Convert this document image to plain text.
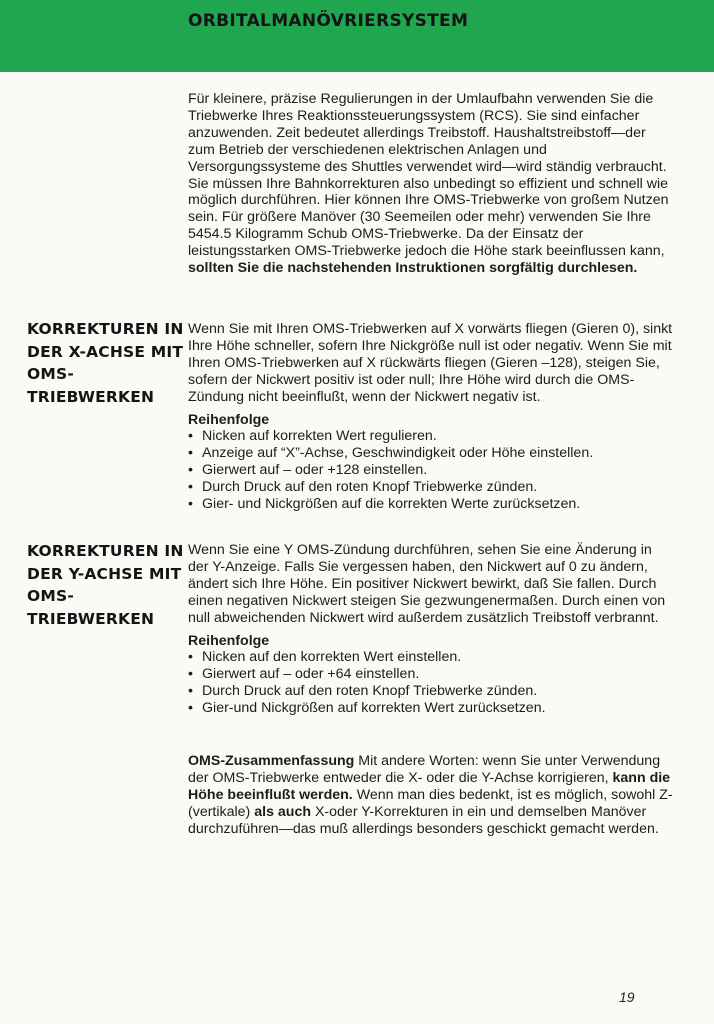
ORBITALMANÖVRIERSYSTEM
Für kleinere, präzise Regulierungen in der Umlaufbahn verwenden Sie die Triebwerke Ihres Reaktionssteuerungssystem (RCS). Sie sind einfacher anzuwenden. Zeit bedeutet allerdings Treibstoff. Haushaltstreibstoff—der zum Betrieb der verschiedenen elektrischen Anlagen und Versorgungssysteme des Shuttles verwendet wird—wird ständig verbraucht. Sie müssen Ihre Bahnkorrekturen also unbedingt so effizient und schnell wie möglich durchführen. Hier können Ihre OMS-Triebwerke von großem Nutzen sein. Für größere Manöver (30 Seemeilen oder mehr) verwenden Sie Ihre 5454.5 Kilogramm Schub OMS-Triebwerke. Da der Einsatz der leistungsstarken OMS-Triebwerke jedoch die Höhe stark beeinflussen kann, sollten Sie die nachstehenden Instruktionen sorgfältig durchlesen.
KORREKTUREN IN DER X-ACHSE MIT OMS-TRIEBWERKEN
Wenn Sie mit Ihren OMS-Triebwerken auf X vorwärts fliegen (Gieren 0), sinkt Ihre Höhe schneller, sofern Ihre Nickgröße null ist oder negativ. Wenn Sie mit Ihren OMS-Triebwerken auf X rückwärts fliegen (Gieren –128), steigen Sie, sofern der Nickwert positiv ist oder null; Ihre Höhe wird durch die OMS-Zündung nicht beeinflußt, wenn der Nickwert negativ ist.
Reihenfolge
• Nicken auf korrekten Wert regulieren.
• Anzeige auf “X”-Achse, Geschwindigkeit oder Höhe einstellen.
• Gierwert auf – oder +128 einstellen.
• Durch Druck auf den roten Knopf Triebwerke zünden.
• Gier- und Nickgrößen auf die korrekten Werte zurücksetzen.
KORREKTUREN IN DER Y-ACHSE MIT OMS-TRIEBWERKEN
Wenn Sie eine Y OMS-Zündung durchführen, sehen Sie eine Änderung in der Y-Anzeige. Falls Sie vergessen haben, den Nickwert auf 0 zu ändern, ändert sich Ihre Höhe. Ein positiver Nickwert bewirkt, daß Sie fallen. Durch einen negativen Nickwert steigen Sie gezwungenermaßen. Durch einen von null abweichenden Nickwert wird außerdem zusätzlich Treibstoff verbrannt.
Reihenfolge
• Nicken auf den korrekten Wert einstellen.
• Gierwert auf – oder +64 einstellen.
• Durch Druck auf den roten Knopf Triebwerke zünden.
• Gier-und Nickgrößen auf korrekten Wert zurücksetzen.
OMS-Zusammenfassung Mit andere Worten: wenn Sie unter Verwendung der OMS-Triebwerke entweder die X- oder die Y-Achse korrigieren, kann die Höhe beeinflußt werden. Wenn man dies bedenkt, ist es möglich, sowohl Z- (vertikale) als auch X-oder Y-Korrekturen in ein und demselben Manöver durchzuführen—das muß allerdings besonders geschickt gemacht werden.
19
